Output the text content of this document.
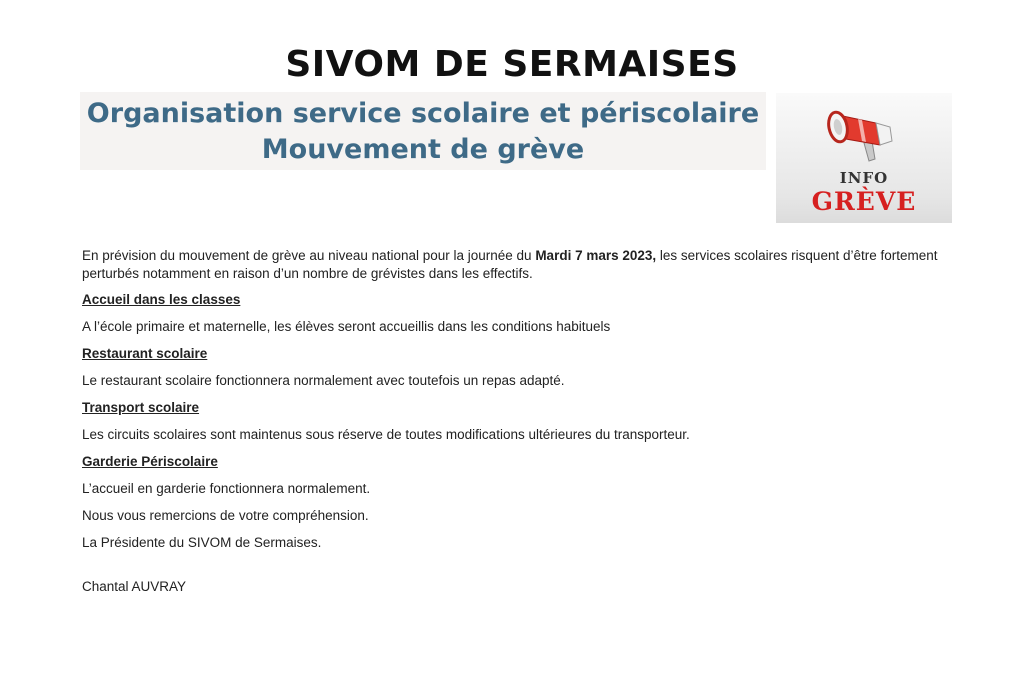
SIVOM DE SERMAISES
Organisation service scolaire et périscolaire
Mouvement de grève
INFO
GRÈVE

En prévision du mouvement de grève au niveau national pour la journée du Mardi 7 mars 2023, les services scolaires risquent d’être fortement perturbés notamment en raison d’un nombre de grévistes dans les effectifs.

Accueil dans les classes

A l’école primaire et maternelle, les élèves seront accueillis dans les conditions habituels

Restaurant scolaire

Le restaurant scolaire fonctionnera normalement avec toutefois un repas adapté.

Transport scolaire

Les circuits scolaires sont maintenus sous réserve de toutes modifications ultérieures du transporteur.

Garderie Périscolaire

L’accueil en garderie fonctionnera normalement.

Nous vous remercions de votre compréhension.

La Présidente du SIVOM de Sermaises.

Chantal AUVRAY
